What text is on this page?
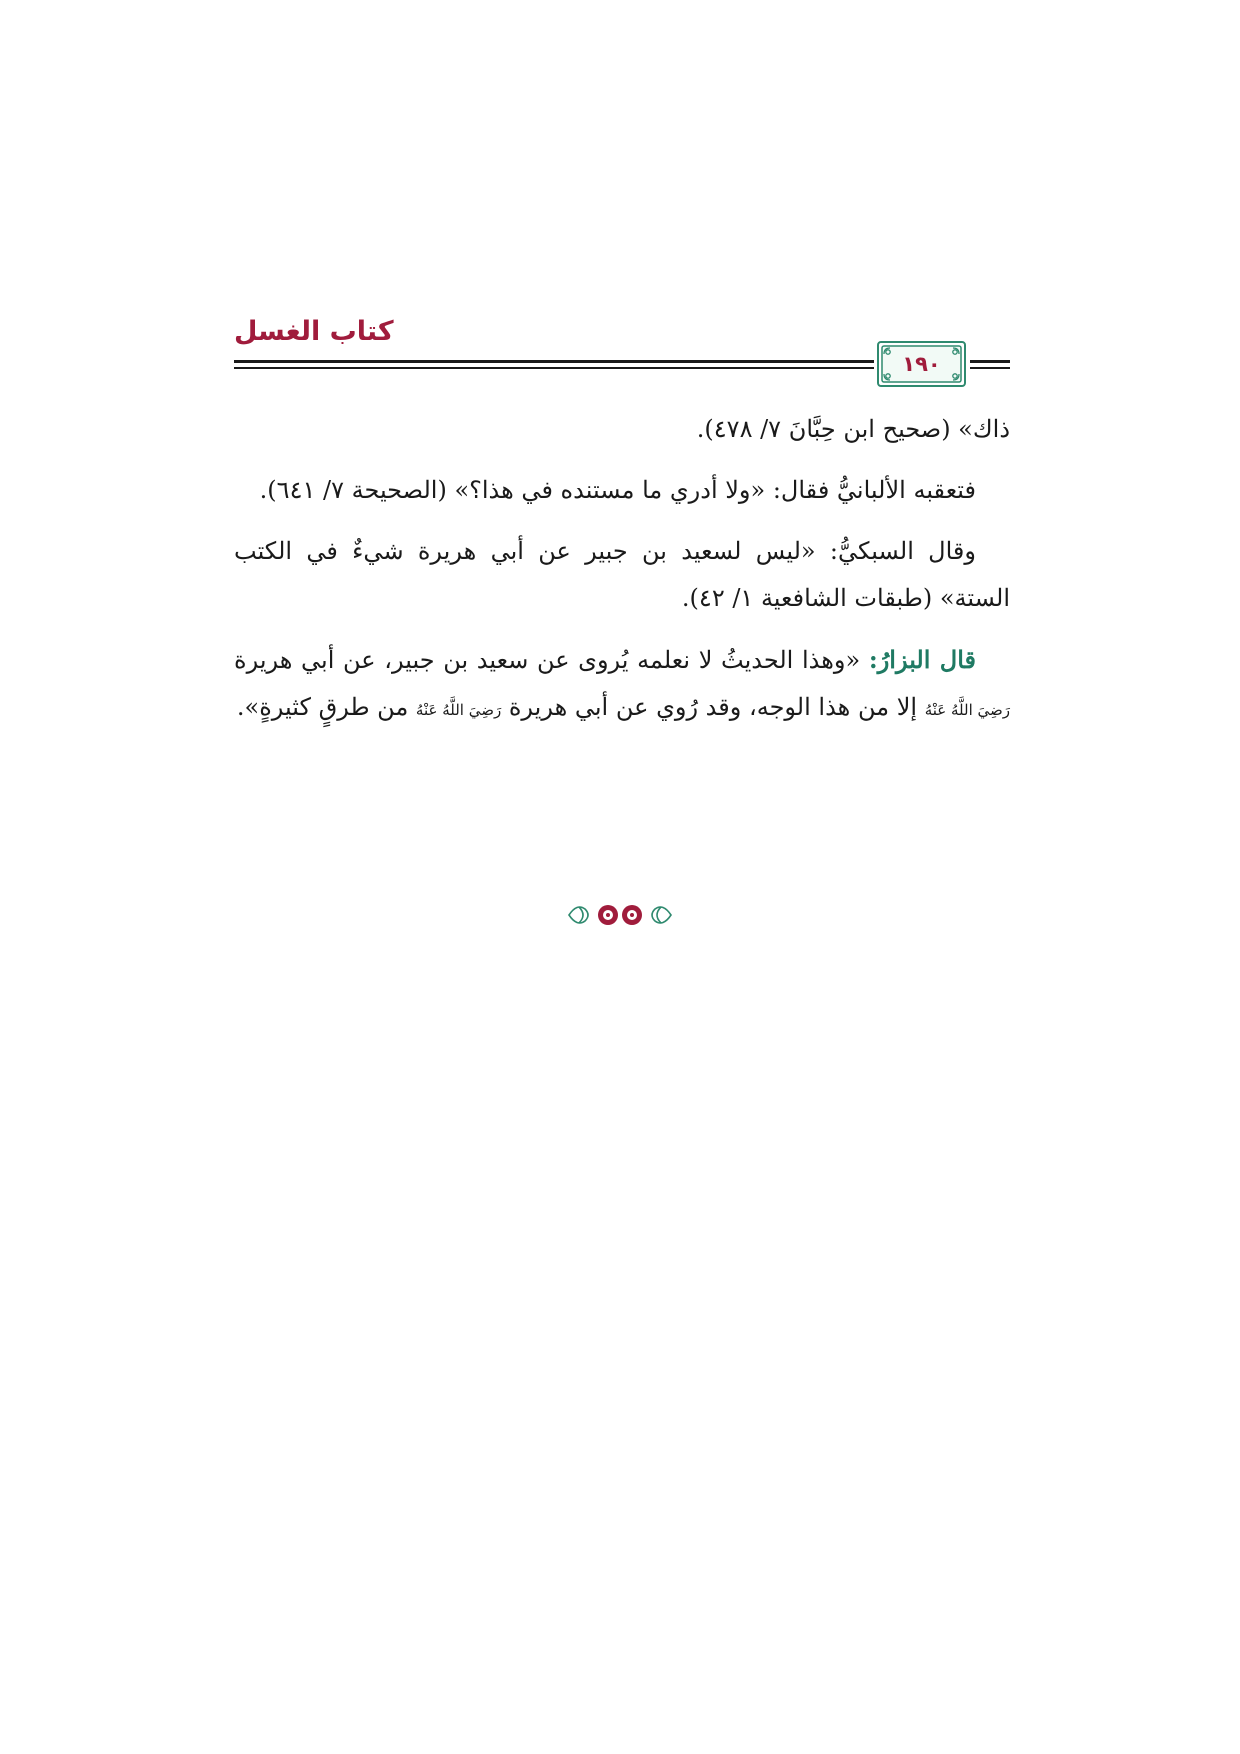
كتاب الغسل
١٩٠

ذاك» (صحيح ابن حِبَّانَ ٧/ ٤٧٨).

فتعقبه الألبانيُّ فقال: «ولا أدري ما مستنده في هذا؟» (الصحيحة ٧/ ٦٤١).

وقال السبكيُّ: «ليس لسعيد بن جبير عن أبي هريرة شيءٌ في الكتب الستة» (طبقات الشافعية ١/ ٤٢).

قال البزارُ: «وهذا الحديثُ لا نعلمه يُروى عن سعيد بن جبير، عن أبي هريرة رَضِيَ اللَّهُ عَنْهُ إلا من هذا الوجه، وقد رُوي عن أبي هريرة رَضِيَ اللَّهُ عَنْهُ من طرقٍ كثيرةٍ».
